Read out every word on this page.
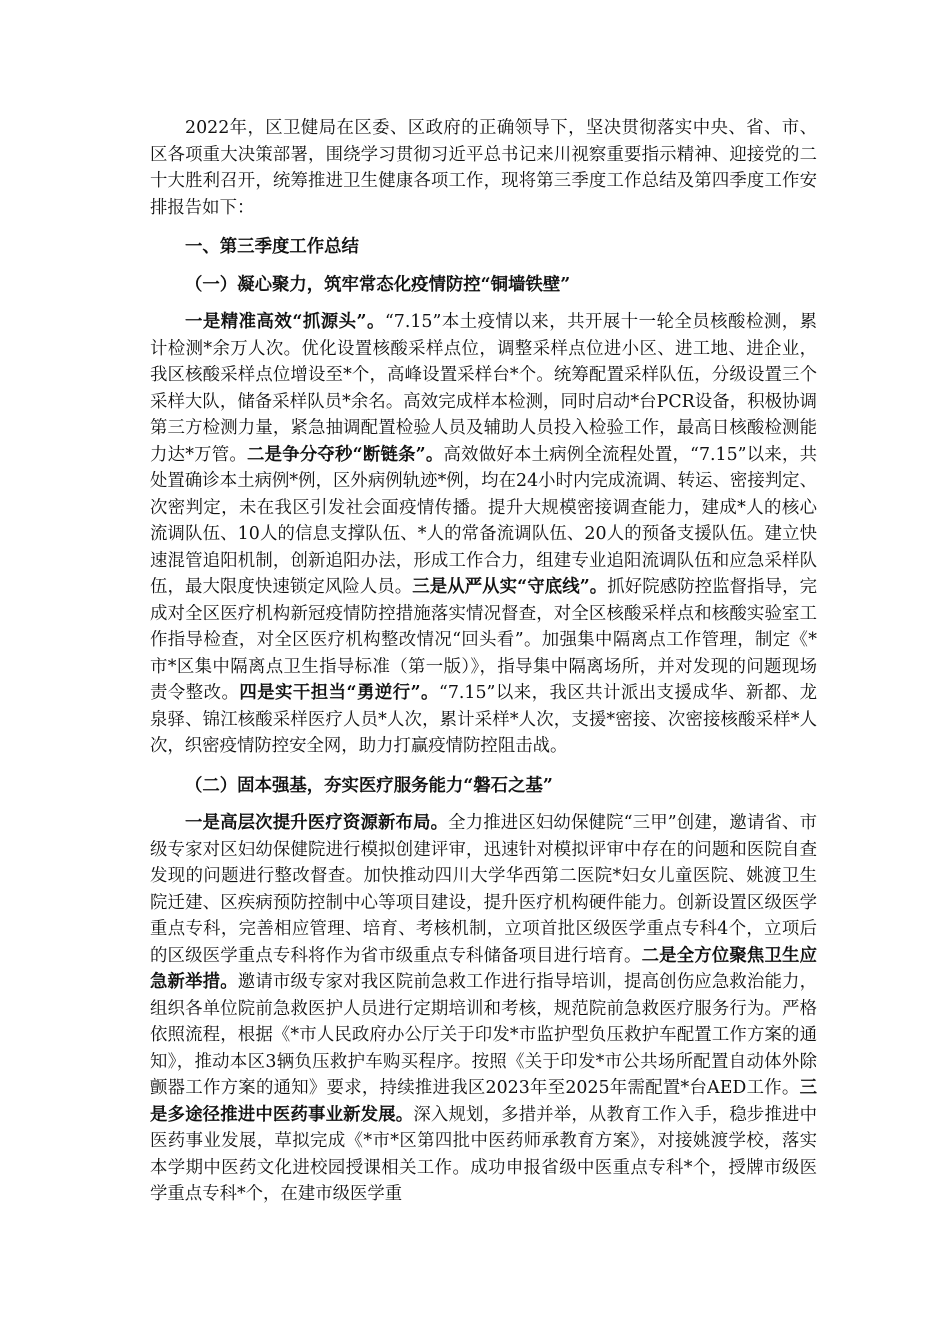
2022年，区卫健局在区委、区政府的正确领导下，坚决贯彻落实中央、省、市、区各项重大决策部署，围绕学习贯彻习近平总书记来川视察重要指示精神、迎接党的二十大胜利召开，统筹推进卫生健康各项工作，现将第三季度工作总结及第四季度工作安排报告如下：

一、第三季度工作总结

（一）凝心聚力，筑牢常态化疫情防控“铜墙铁壁”

一是精准高效“抓源头”。“7.15”本土疫情以来，共开展十一轮全员核酸检测，累计检测*余万人次。优化设置核酸采样点位，调整采样点位进小区、进工地、进企业，我区核酸采样点位增设至*个，高峰设置采样台*个。统筹配置采样队伍，分级设置三个采样大队，储备采样队员*余名。高效完成样本检测，同时启动*台PCR设备，积极协调第三方检测力量，紧急抽调配置检验人员及辅助人员投入检验工作，最高日核酸检测能力达*万管。二是争分夺秒“断链条”。高效做好本土病例全流程处置，“7.15”以来，共处置确诊本土病例*例，区外病例轨迹*例，均在24小时内完成流调、转运、密接判定、次密判定，未在我区引发社会面疫情传播。提升大规模密接调查能力，建成*人的核心流调队伍、10人的信息支撑队伍、*人的常备流调队伍、20人的预备支援队伍。建立快速混管追阳机制，创新追阳办法，形成工作合力，组建专业追阳流调队伍和应急采样队伍，最大限度快速锁定风险人员。三是从严从实“守底线”。抓好院感防控监督指导，完成对全区医疗机构新冠疫情防控措施落实情况督查，对全区核酸采样点和核酸实验室工作指导检查，对全区医疗机构整改情况“回头看”。加强集中隔离点工作管理，制定《*市*区集中隔离点卫生指导标准（第一版）》，指导集中隔离场所，并对发现的问题现场责令整改。四是实干担当“勇逆行”。“7.15”以来，我区共计派出支援成华、新都、龙泉驿、锦江核酸采样医疗人员*人次，累计采样*人次，支援*密接、次密接核酸采样*人次，织密疫情防控安全网，助力打赢疫情防控阻击战。

（二）固本强基，夯实医疗服务能力“磐石之基”

一是高层次提升医疗资源新布局。全力推进区妇幼保健院“三甲”创建，邀请省、市级专家对区妇幼保健院进行模拟创建评审，迅速针对模拟评审中存在的问题和医院自查发现的问题进行整改督查。加快推动四川大学华西第二医院*妇女儿童医院、姚渡卫生院迁建、区疾病预防控制中心等项目建设，提升医疗机构硬件能力。创新设置区级医学重点专科，完善相应管理、培育、考核机制，立项首批区级医学重点专科4个，立项后的区级医学重点专科将作为省市级重点专科储备项目进行培育。二是全方位聚焦卫生应急新举措。邀请市级专家对我区院前急救工作进行指导培训，提高创伤应急救治能力，组织各单位院前急救医护人员进行定期培训和考核，规范院前急救医疗服务行为。严格依照流程，根据《*市人民政府办公厅关于印发*市监护型负压救护车配置工作方案的通知》，推动本区3辆负压救护车购买程序。按照《关于印发*市公共场所配置自动体外除颤器工作方案的通知》要求，持续推进我区2023年至2025年需配置*台AED工作。三是多途径推进中医药事业新发展。深入规划，多措并举，从教育工作入手，稳步推进中医药事业发展，草拟完成《*市*区第四批中医药师承教育方案》，对接姚渡学校，落实本学期中医药文化进校园授课相关工作。成功申报省级中医重点专科*个，授牌市级医学重点专科*个，在建市级医学重
